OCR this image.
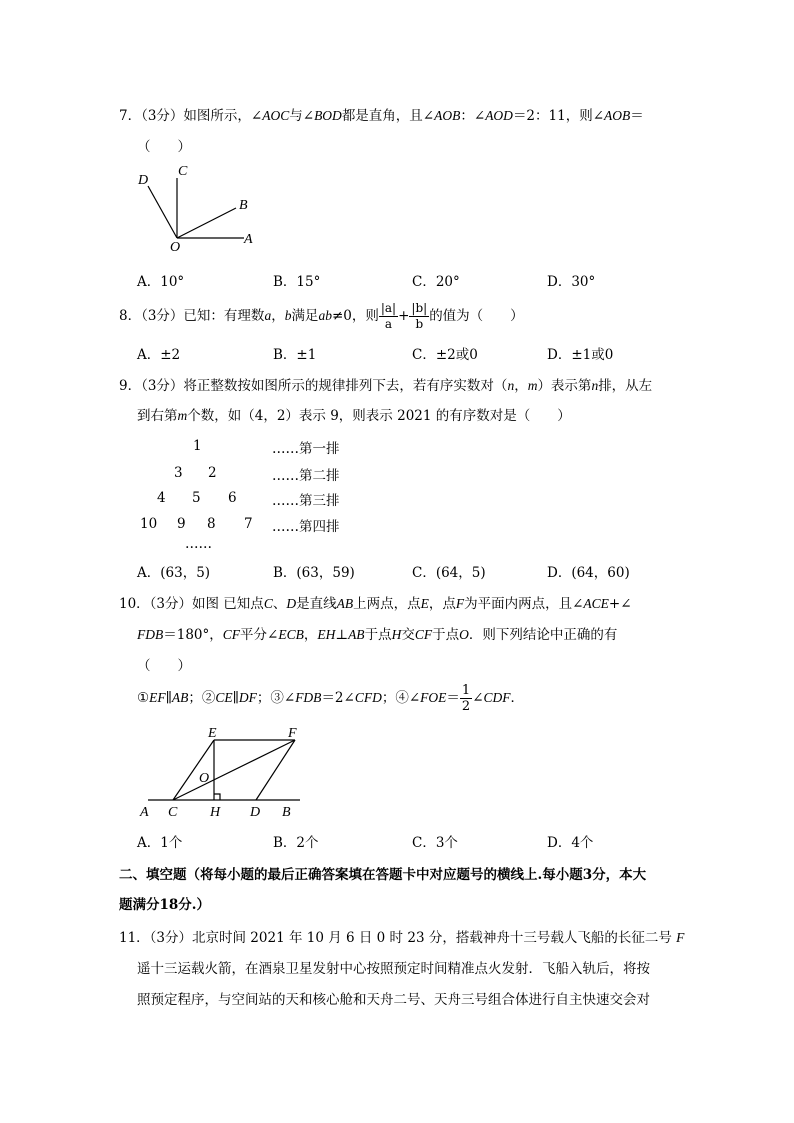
7．（3分）如图所示，∠AOC与∠BOD都是直角，且∠AOB：∠AOD＝2：11，则∠AOB＝
（　　）
D
C
B
O
A
A．10°	B．15°	C．20°	D．30°
8．（3分）已知：有理数a，b满足ab≠0，则 $\frac{|a|}{a} + \frac{|b|}{b}$ 的值为（　　）
A．±2	B．±1	C．±2或0	D．±1或0
9．（3分）将正整数按如图所示的规律排列下去，若有序实数对（n，m）表示第n排，从左
到右第m个数，如（4，2）表示 9，则表示 2021 的有序数对是（　　）
1	……第一排
3 2	……第二排
4 5 6	……第三排
10 9 8 7 ……第四排
……
A．(63，5)	B．(63，59)	C．(64，5)	D．(64，60)
10．（3分）如图 已知点C、D是直线AB上两点，点E，点F为平面内两点，且∠ACE+∠
FDB＝180°，CF平分∠ECB，EH⊥AB于点H交CF于点O．则下列结论中正确的有
（　　）
①EF∥AB；②CE∥DF；③∠FDB＝2∠CFD；④∠FOE＝ $\frac{1}{2}$ ∠CDF．
E	F
O
A C H D B
A．1个	B．2个	C．3个	D．4个
二、填空题（将每小题的最后正确答案填在答题卡中对应题号的横线上.每小题3分，本大
题满分18分.）
11．（3分）北京时间 2021 年 10 月 6 日 0 时 23 分，搭载神舟十三号载人飞船的长征二号 F
遥十三运载火箭，在酒泉卫星发射中心按照预定时间精准点火发射．飞船入轨后，将按
照预定程序，与空间站的天和核心舱和天舟二号、天舟三号组合体进行自主快速交会对
